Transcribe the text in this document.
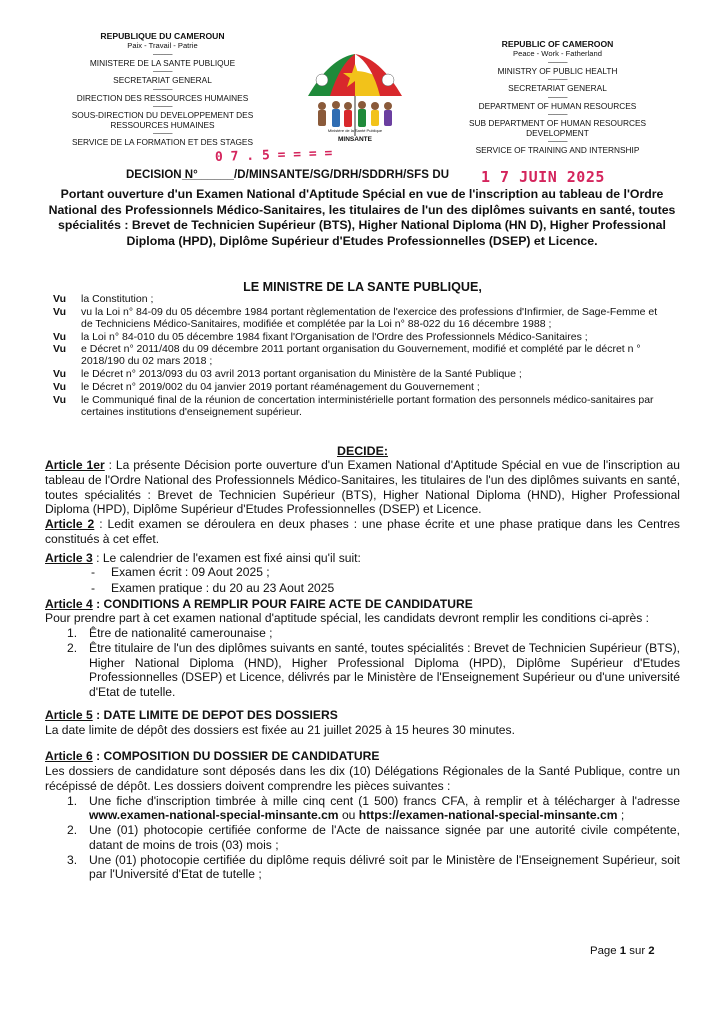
REPUBLIQUE DU CAMEROUN
Paix - Travail - Patrie
-------------
MINISTERE DE LA SANTE PUBLIQUE
-------------
SECRETARIAT GENERAL
-------------
DIRECTION DES RESSOURCES HUMAINES
-------------
SOUS-DIRECTION DU DEVELOPPEMENT DES RESSOURCES HUMAINES
-------------
SERVICE DE LA FORMATION ET DES STAGES	MINSANTE
Ministère de la Santé Publique
REPUBLIC OF CAMEROON
Peace - Work - Fatherland
-------------
MINISTRY OF PUBLIC HEALTH
-------------
SECRETARIAT GENERAL
-------------
DEPARTMENT OF HUMAN RESOURCES
-------------
SUB DEPARTMENT OF HUMAN RESOURCES DEVELOPMENT
-------------
SERVICE OF TRAINING AND INTERNSHIP
0 7 . 5 = = = =
DECISION N°
________/D/MINSANTE/SG/DRH/SDDRH/SFS DU 1 7 JUIN 2025
Portant ouverture d'un Examen National d'Aptitude Spécial en vue de l'inscription au tableau de l'Ordre National des Professionnels Médico-Sanitaires, les titulaires de l'un des diplômes suivants en santé, toutes spécialités : Brevet de Technicien Supérieur (BTS), Higher National Diploma (HN D), Higher Professional Diploma (HPD), Diplôme Supérieur d'Etudes Professionnelles (DSEP) et Licence.
LE MINISTRE DE LA SANTE PUBLIQUE,
Vu	la Constitution ;
Vu	vu la Loi n° 84-09 du 05 décembre 1984 portant règlementation de l'exercice des professions d'Infirmier, de Sage-Femme et de Techniciens Médico-Sanitaires, modifiée et complétée par la Loi n° 88-022 du 16 décembre 1988 ;
Vu	la Loi n° 84-010 du 05 décembre 1984 fixant l'Organisation de l'Ordre des Professionnels Médico-Sanitaires ;
Vu	e Décret n° 2011/408 du 09 décembre 2011 portant organisation du Gouvernement, modifié et complété par le décret n ° 2018/190 du 02 mars 2018 ;
Vu	le Décret n° 2013/093 du 03 avril 2013 portant organisation du Ministère de la Santé Publique ;
Vu	le Décret n° 2019/002 du 04 janvier 2019 portant réaménagement du Gouvernement ;
Vu	le Communiqué final de la réunion de concertation interministérielle portant formation des personnels médico-sanitaires par certaines institutions d'enseignement supérieur.
DECIDE:

Article 1er : La présente Décision porte ouverture d'un Examen National d'Aptitude Spécial en vue de l'inscription au tableau de l'Ordre National des Professionnels Médico-Sanitaires, les titulaires de l'un des diplômes suivants en santé, toutes spécialités : Brevet de Technicien Supérieur (BTS), Higher National Diploma (HND), Higher Professional Diploma (HPD), Diplôme Supérieur d'Etudes Professionnelles (DSEP) et Licence.

Article 2 : Ledit examen se déroulera en deux phases : une phase écrite et une phase pratique dans les Centres constitués à cet effet.

Article 3 : Le calendrier de l'examen est fixé ainsi qu'il suit:

- Examen écrit : 09 Aout 2025 ;
- Examen pratique : du 20 au 23 Aout 2025

Article 4 : CONDITIONS A REMPLIR POUR FAIRE ACTE DE CANDIDATURE

Pour prendre part à cet examen national d'aptitude spécial, les candidats devront remplir les conditions ci-après :

1. Être de nationalité camerounaise ;
2. Être titulaire de l'un des diplômes suivants en santé, toutes spécialités : Brevet de Technicien Supérieur (BTS), Higher National Diploma (HND), Higher Professional Diploma (HPD), Diplôme Supérieur d'Etudes Professionnelles (DSEP) et Licence, délivrés par le Ministère de l'Enseignement Supérieur ou d'une université d'Etat de tutelle.

Article 5 : DATE LIMITE DE DEPOT DES DOSSIERS

La date limite de dépôt des dossiers est fixée au 21 juillet 2025 à 15 heures 30 minutes.

Article 6 : COMPOSITION DU DOSSIER DE CANDIDATURE

Les dossiers de candidature sont déposés dans les dix (10) Délégations Régionales de la Santé Publique, contre un récépissé de dépôt. Les dossiers doivent comprendre les pièces suivantes :

1. Une fiche d'inscription timbrée à mille cinq cent (1 500) francs CFA, à remplir et à télécharger à l'adresse www.examen-national-special-minsante.cm ou https://examen-national-special-minsante.cm ;
2. Une (01) photocopie certifiée conforme de l'Acte de naissance signée par une autorité civile compétente, datant de moins de trois (03) mois ;
3. Une (01) photocopie certifiée du diplôme requis délivré soit par le Ministère de l'Enseignement Supérieur, soit par l'Université d'Etat de tutelle ;
Page 1 sur 2
